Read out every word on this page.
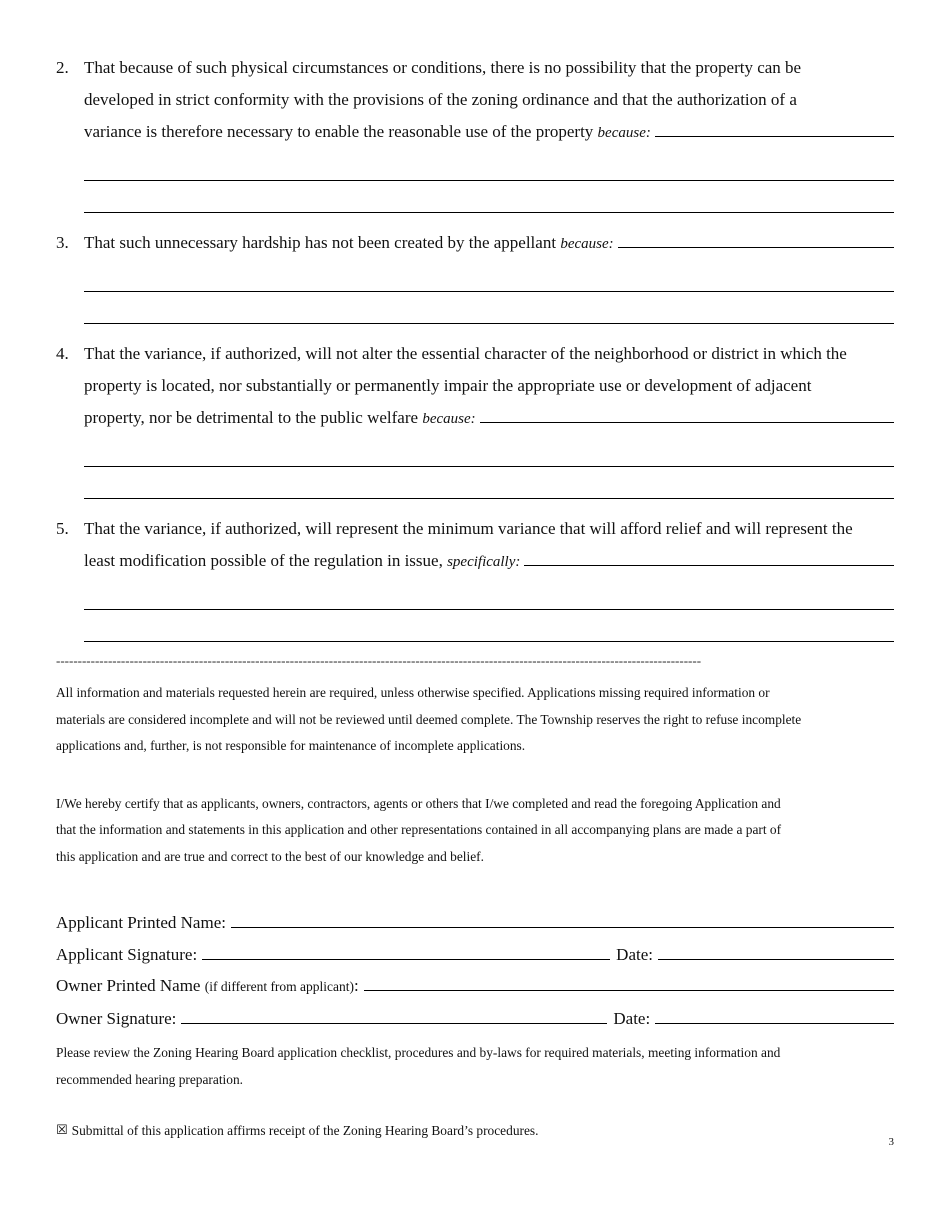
2. That because of such physical circumstances or conditions, there is no possibility that the property can be
developed in strict conformity with the provisions of the zoning ordinance and that the authorization of a
variance is therefore necessary to enable the reasonable use of the property because:
3. That such unnecessary hardship has not been created by the appellant because:
4. That the variance, if authorized, will not alter the essential character of the neighborhood or district in which the
property is located, nor substantially or permanently impair the appropriate use or development of adjacent
property, nor be detrimental to the public welfare because:
5. That the variance, if authorized, will represent the minimum variance that will afford relief and will represent the
least modification possible of the regulation in issue, specifically:
-----------------------------------------------------------------------------------------------------------------------------------------------------
All information and materials requested herein are required, unless otherwise specified. Applications missing required information or
materials are considered incomplete and will not be reviewed until deemed complete. The Township reserves the right to refuse incomplete
applications and, further, is not responsible for maintenance of incomplete applications.
I/We hereby certify that as applicants, owners, contractors, agents or others that I/we completed and read the foregoing Application and
that the information and statements in this application and other representations contained in all accompanying plans are made a part of
this application and are true and correct to the best of our knowledge and belief.
Applicant Printed Name:
Applicant Signature:	Date:
Owner Printed Name (if different from applicant):
Owner Signature:	Date:
Please review the Zoning Hearing Board application checklist, procedures and by-laws for required materials, meeting information and
recommended hearing preparation.
☒ Submittal of this application affirms receipt of the Zoning Hearing Board’s procedures.
3
